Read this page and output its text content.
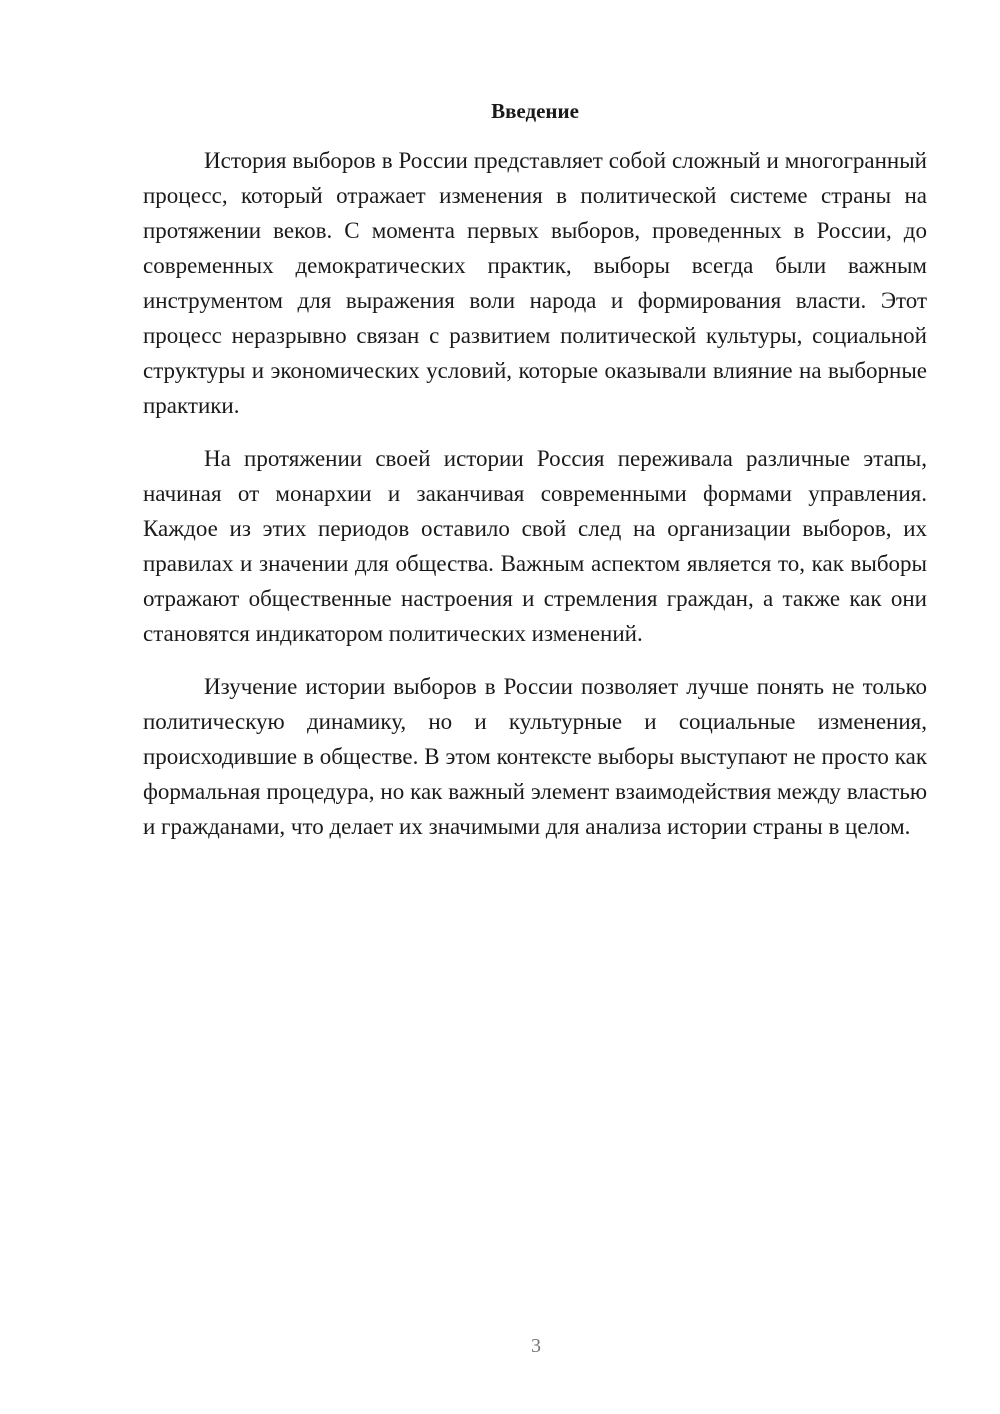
Введение

История выборов в России представляет собой сложный и многогранный процесс, который отражает изменения в политической системе страны на протяжении веков. С момента первых выборов, проведенных в России, до современных демократических практик, выборы всегда были важным инструментом для выражения воли народа и формирования власти. Этот процесс неразрывно связан с развитием политической культуры, социальной структуры и экономических условий, которые оказывали влияние на выборные практики.

На протяжении своей истории Россия переживала различные этапы, начиная от монархии и заканчивая современными формами управления. Каждое из этих периодов оставило свой след на организации выборов, их правилах и значении для общества. Важным аспектом является то, как выборы отражают общественные настроения и стремления граждан, а также как они становятся индикатором политических изменений.

Изучение истории выборов в России позволяет лучше понять не только политическую динамику, но и культурные и социальные изменения, происходившие в обществе. В этом контексте выборы выступают не просто как формальная процедура, но как важный элемент взаимодействия между властью и гражданами, что делает их значимыми для анализа истории страны в целом.

3
